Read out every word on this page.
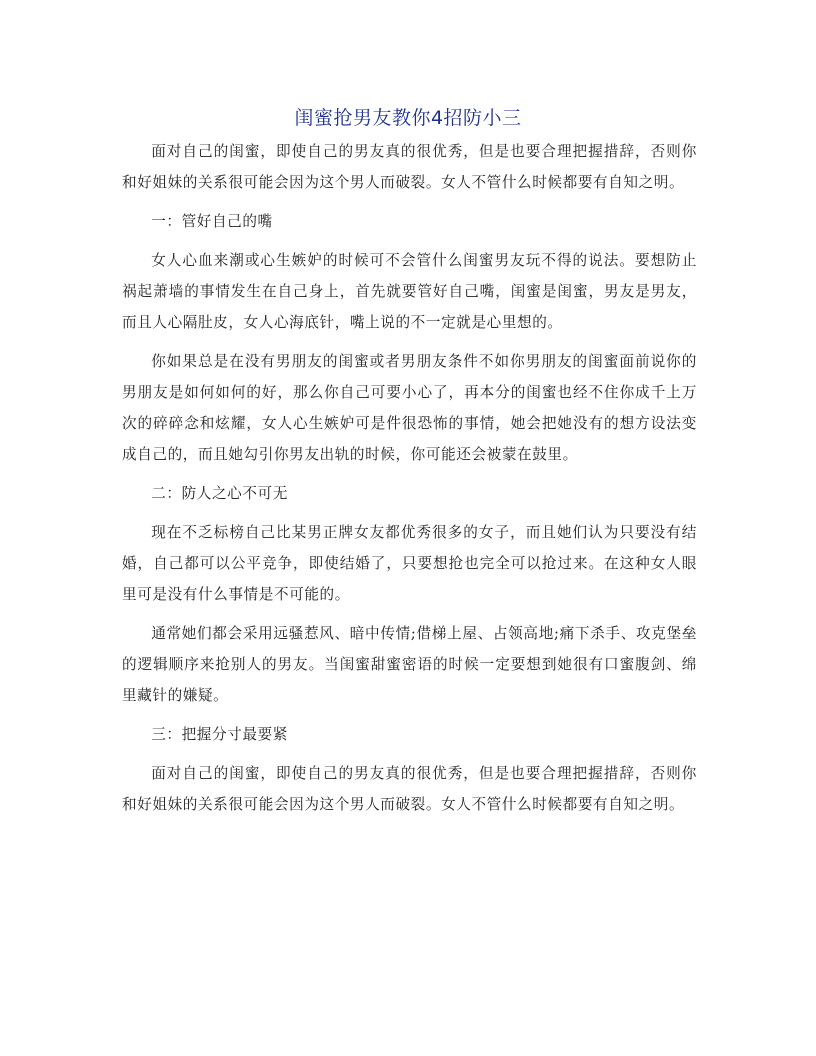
闺蜜抢男友教你4招防小三

面对自己的闺蜜，即使自己的男友真的很优秀，但是也要合理把握措辞，否则你和好姐妹的关系很可能会因为这个男人而破裂。女人不管什么时候都要有自知之明。

一：管好自己的嘴

女人心血来潮或心生嫉妒的时候可不会管什么闺蜜男友玩不得的说法。要想防止祸起萧墙的事情发生在自己身上，首先就要管好自己嘴，闺蜜是闺蜜，男友是男友，而且人心隔肚皮，女人心海底针，嘴上说的不一定就是心里想的。

你如果总是在没有男朋友的闺蜜或者男朋友条件不如你男朋友的闺蜜面前说你的男朋友是如何如何的好，那么你自己可要小心了，再本分的闺蜜也经不住你成千上万次的碎碎念和炫耀，女人心生嫉妒可是件很恐怖的事情，她会把她没有的想方设法变成自己的，而且她勾引你男友出轨的时候，你可能还会被蒙在鼓里。

二：防人之心不可无

现在不乏标榜自己比某男正牌女友都优秀很多的女子，而且她们认为只要没有结婚，自己都可以公平竞争，即使结婚了，只要想抢也完全可以抢过来。在这种女人眼里可是没有什么事情是不可能的。

通常她们都会采用远骚惹风、暗中传情;借梯上屋、占领高地;痛下杀手、攻克堡垒的逻辑顺序来抢别人的男友。当闺蜜甜蜜密语的时候一定要想到她很有口蜜腹剑、绵里藏针的嫌疑。

三：把握分寸最要紧

面对自己的闺蜜，即使自己的男友真的很优秀，但是也要合理把握措辞，否则你和好姐妹的关系很可能会因为这个男人而破裂。女人不管什么时候都要有自知之明。
